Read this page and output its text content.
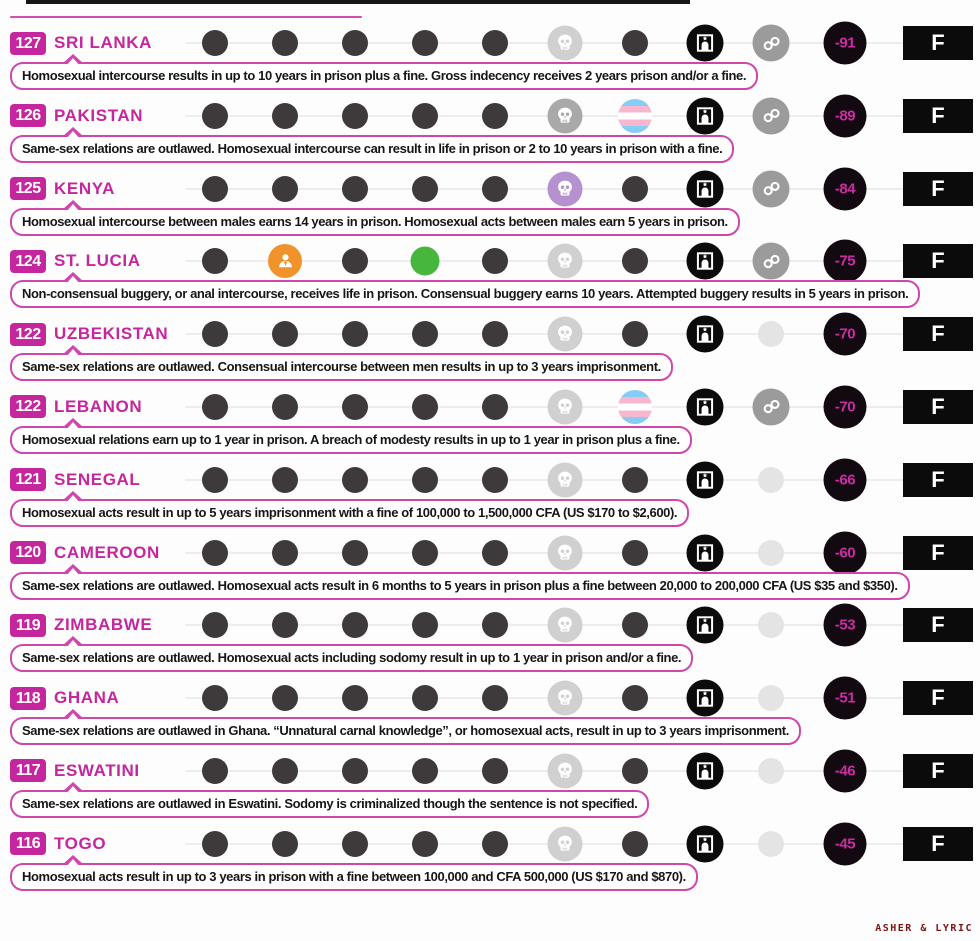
127 SRI LANKA	-91	F
Homosexual intercourse results in up to 10 years in prison plus a fine. Gross indecency receives 2 years prison and/or a fine.
126 PAKISTAN	-89	F
Same-sex relations are outlawed. Homosexual intercourse can result in life in prison or 2 to 10 years in prison with a fine.
125 KENYA	-84	F
Homosexual intercourse between males earns 14 years in prison. Homosexual acts between males earn 5 years in prison.
124 ST. LUCIA	-75	F
Non-consensual buggery, or anal intercourse, receives life in prison. Consensual buggery earns 10 years. Attempted buggery results in 5 years in prison.
122 UZBEKISTAN	-70	F
Same-sex relations are outlawed. Consensual intercourse between men results in up to 3 years imprisonment.
122 LEBANON	-70	F
Homosexual relations earn up to 1 year in prison. A breach of modesty results in up to 1 year in prison plus a fine.
121 SENEGAL	-66	F
Homosexual acts result in up to 5 years imprisonment with a fine of 100,000 to 1,500,000 CFA (US $170 to $2,600).
120 CAMEROON	-60	F
Same-sex relations are outlawed. Homosexual acts result in 6 months to 5 years in prison plus a fine between 20,000 to 200,000 CFA (US $35 and $350).
119 ZIMBABWE	-53	F
Same-sex relations are outlawed. Homosexual acts including sodomy result in up to 1 year in prison and/or a fine.
118 GHANA	-51	F
Same-sex relations are outlawed in Ghana. “Unnatural carnal knowledge”, or homosexual acts, result in up to 3 years imprisonment.
117 ESWATINI	-46	F
Same-sex relations are outlawed in Eswatini. Sodomy is criminalized though the sentence is not specified.
116 TOGO	-45	F
Homosexual acts result in up to 3 years in prison with a fine between 100,000 and CFA 500,000 (US $170 and $870).
ASHER & LYRIC
